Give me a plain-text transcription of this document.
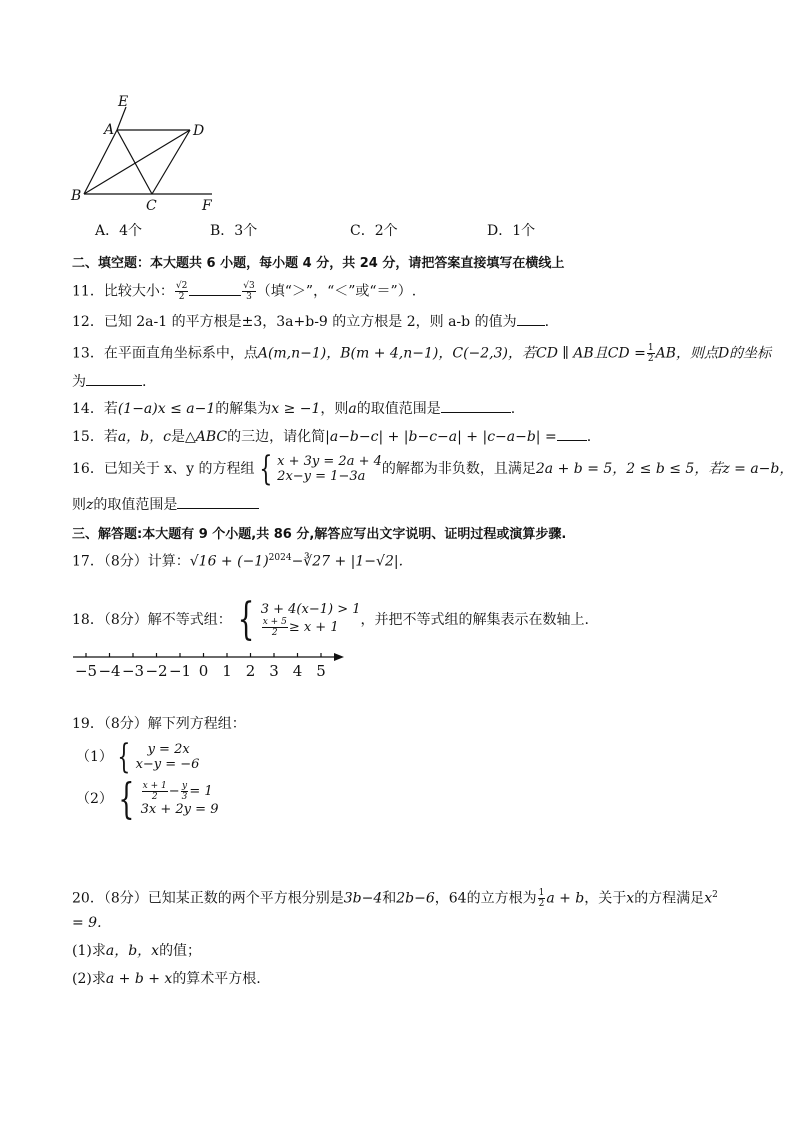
E
A	D
B
C	F
A．4个	B．3个	C．2个	D．1个
二、填空题：本大题共 6 小题，每小题 4 分，共 24 分，请把答案直接填写在横线上
11．比较大小： $\frac{√2}{2}$	$\frac{√3}{3}$ （填“＞”，“＜”或“＝”）.
12．已知 2a-1 的平方根是±3，3a+b-9 的立方根是 2，则 a-b 的值为 .
13．在平面直角坐标系中，点A(m,n−1)，B(m + 4,n−1)，C(−2,3)，若CD ∥ AB且CD = $\frac{1}{2}$ AB，则点D的坐标
为	.
14．若(1−a)x ≤ a−1的解集为x ≥ −1，则a的取值范围是	.
15．若a，b，c是△ABC的三边，请化简|a−b−c| + |b−c−a| + |c−a−b| = .
16．已知关于 x、y 的方程组 { x + 3y = 2a + 4
2x−y = 1−3a	的解都为非负数，且满足2a + b = 5，2 ≤ b ≤ 5，若z = a−b，
则z的取值范围是
三、解答题:本大题有 9 个小题,共 86 分,解答应写出文字说明、证明过程或演算步骤.
17．（8分）计算：$√16 + (-1)^{2024}-∛27 + |1-√2|$.
18．（8分）解不等式组： { 3 + 4(x−1) > 1
$\frac{x + 5}{2} \ge x + 1$	，并把不等式组的解集表示在数轴上.
−5 −4 −3 −2 −1 0 1 2 3 4 5
19．（8分）解下列方程组：
（1） {	y = 2x
x−y = −6
（2） { $\frac{x + 1}{2} - \frac{y}{3} = 1$
3x + 2y = 9
20．（8分）已知某正数的两个平方根分别是3b−4和2b−6，64的立方根为 $\frac{1}{2}$ a + b，关于x的方程满足$x^2$
= 9.
(1)求a，b，x的值；
(2)求a + b + x的算术平方根.
